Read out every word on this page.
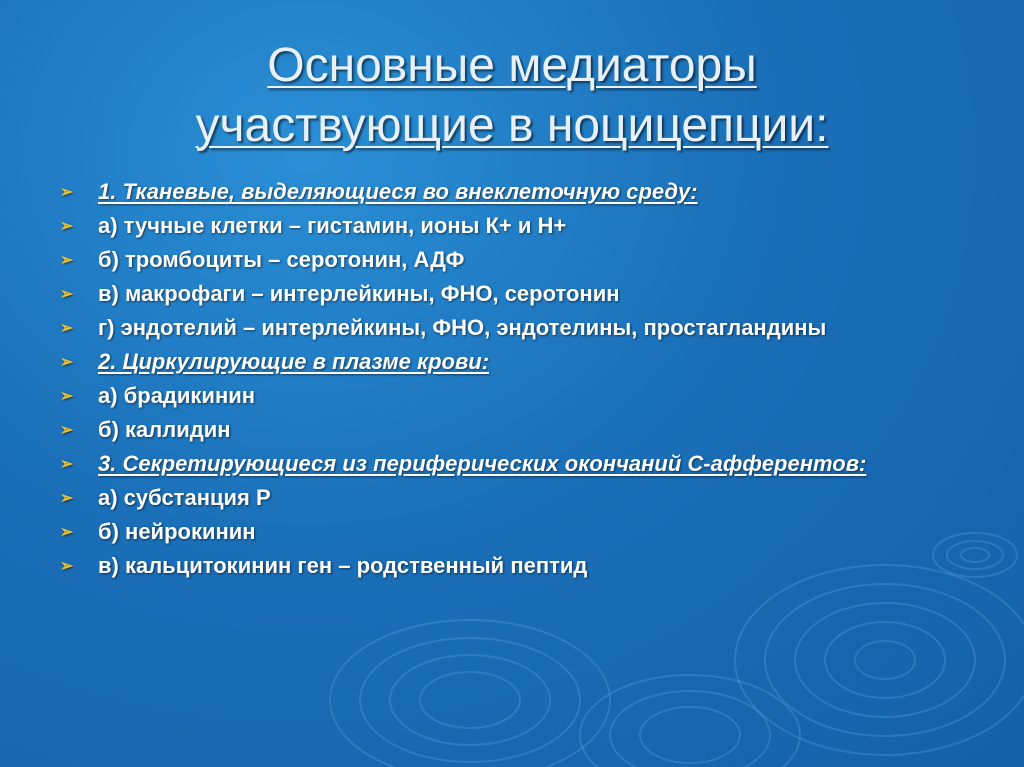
Основные медиаторы
участвующие в ноцицепции:
➢ 1. Тканевые, выделяющиеся во внеклеточную среду:
➢ а) тучные клетки – гистамин, ионы К+ и Н+
➢ б) тромбоциты – серотонин, АДФ
➢ в) макрофаги – интерлейкины, ФНО, серотонин
➢ г) эндотелий – интерлейкины, ФНО, эндотелины, простагландины
➢ 2. Циркулирующие в плазме крови:
➢ а) брадикинин
➢ б) каллидин
➢ 3. Секретирующиеся из периферических окончаний С-афферентов:
➢ а) субстанция Р
➢ б) нейрокинин
➢ в) кальцитокинин ген – родственный пептид
